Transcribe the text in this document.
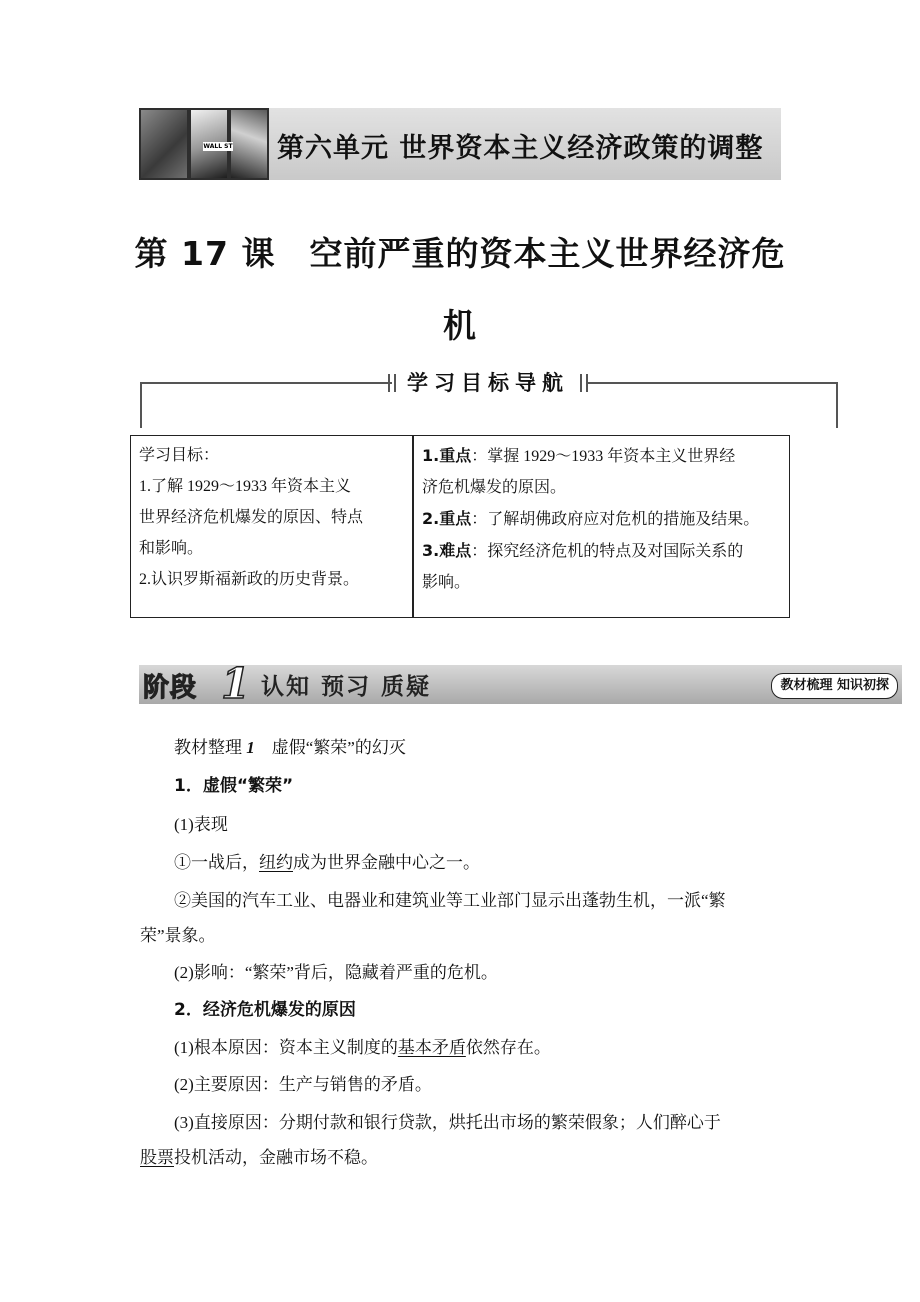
WALL ST 第六单元 世界资本主义经济政策的调整
第 17 课　空前严重的资本主义世界经济危
机
学习目标导航

学习目标：

1.了解 1929～1933 年资本主义

世界经济危机爆发的原因、特点

和影响。

2.认识罗斯福新政的历史背景。

1.重点：掌握 1929～1933 年资本主义世界经

济危机爆发的原因。

2.重点：了解胡佛政府应对危机的措施及结果。

3.难点：探究经济危机的特点及对国际关系的

影响。

阶段 1 认知 预习 质疑	教材梳理 知识初探
教材整理 1　虚假“繁荣”的幻灭
1．虚假“繁荣”
(1)表现
①一战后，纽约成为世界金融中心之一。
②美国的汽车工业、电器业和建筑业等工业部门显示出蓬勃生机，一派“繁
荣”景象。
(2)影响：“繁荣”背后，隐藏着严重的危机。
2．经济危机爆发的原因
(1)根本原因：资本主义制度的基本矛盾依然存在。
(2)主要原因：生产与销售的矛盾。
(3)直接原因：分期付款和银行贷款，烘托出市场的繁荣假象；人们醉心于
股票投机活动，金融市场不稳。
